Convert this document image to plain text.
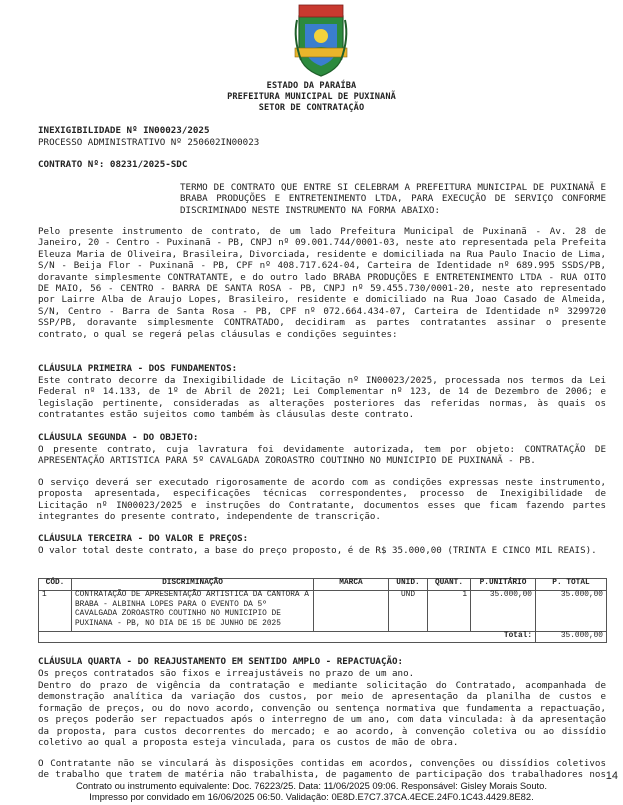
ESTADO DA PARAÍBA
PREFEITURA MUNICIPAL DE PUXINANÃ
SETOR DE CONTRATAÇÃO
INEXIGIBILIDADE Nº IN00023/2025
PROCESSO ADMINISTRATIVO Nº 250602IN00023
CONTRATO Nº: 08231/2025-SDC
TERMO DE CONTRATO QUE ENTRE SI CELEBRAM A PREFEITURA MUNICIPAL DE PUXINANÃ E BRABA PRODUÇÕES E ENTRETENIMENTO LTDA, PARA EXECUÇÃO DE SERVIÇO CONFORME DISCRIMINADO NESTE INSTRUMENTO NA FORMA ABAIXO:
Pelo presente instrumento de contrato, de um lado Prefeitura Municipal de Puxinanã - Av. 28 de Janeiro, 20 - Centro - Puxinanã - PB, CNPJ nº 09.001.744/0001-03, neste ato representada pela Prefeita Eleuza Maria de Oliveira, Brasileira, Divorciada, residente e domiciliada na Rua Paulo Inacio de Lima, S/N - Beija Flor - Puxinanã - PB, CPF nº 408.717.624-04, Carteira de Identidade nº 689.995 SSDS/PB, doravante simplesmente CONTRATANTE, e do outro lado BRABA PRODUÇÕES E ENTRETENIMENTO LTDA - RUA OITO DE MAIO, 56 - CENTRO - BARRA DE SANTA ROSA - PB, CNPJ nº 59.455.730/0001-20, neste ato representado por Lairre Alba de Araujo Lopes, Brasileiro, residente e domiciliado na Rua Joao Casado de Almeida, S/N, Centro - Barra de Santa Rosa - PB, CPF nº 072.664.434-07, Carteira de Identidade nº 3299720 SSP/PB, doravante simplesmente CONTRATADO, decidiram as partes contratantes assinar o presente contrato, o qual se regerá pelas cláusulas e condições seguintes:
CLÁUSULA PRIMEIRA - DOS FUNDAMENTOS:
Este contrato decorre da Inexigibilidade de Licitação nº IN00023/2025, processada nos termos da Lei Federal nº 14.133, de 1º de Abril de 2021; Lei Complementar nº 123, de 14 de Dezembro de 2006; e legislação pertinente, consideradas as alterações posteriores das referidas normas, às quais os contratantes estão sujeitos como também às cláusulas deste contrato.
CLÁUSULA SEGUNDA - DO OBJETO:
O presente contrato, cuja lavratura foi devidamente autorizada, tem por objeto: CONTRATAÇÃO DE APRESENTAÇÃO ARTISTICA PARA 5º CAVALGADA ZOROASTRO COUTINHO NO MUNICIPIO DE PUXINANÃ - PB.
O serviço deverá ser executado rigorosamente de acordo com as condições expressas neste instrumento, proposta apresentada, especificações técnicas correspondentes, processo de Inexigibilidade de Licitação nº IN00023/2025 e instruções do Contratante, documentos esses que ficam fazendo partes integrantes do presente contrato, independente de transcrição.
CLÁUSULA TERCEIRA - DO VALOR E PREÇOS:
O valor total deste contrato, a base do preço proposto, é de R$ 35.000,00 (TRINTA E CINCO MIL REAIS).
CÓD.	DISCRIMINAÇÃO	MARCA	UNID.	QUANT.	P.UNITÁRIO	P. TOTAL
1	CONTRATAÇÃO DE APRESENTAÇÃO ARTISTICA DA CANTORA A BRABA - ALBINHA LOPES PARA O EVENTO DA 5º CAVALGADA ZOROASTRO COUTINHO NO MUNICIPIO DE PUXINANA - PB, NO DIA DE 15 DE JUNHO DE 2025		UND	1	35.000,00	35.000,00
					Total:	35.000,00
CLÁUSULA QUARTA - DO REAJUSTAMENTO EM SENTIDO AMPLO - REPACTUAÇÃO:
Os preços contratados são fixos e irreajustáveis no prazo de um ano.
Dentro do prazo de vigência da contratação e mediante solicitação do Contratado, acompanhada de demonstração analítica da variação dos custos, por meio de apresentação da planilha de custos e formação de preços, ou do novo acordo, convenção ou sentença normativa que fundamenta a repactuação, os preços poderão ser repactuados após o interregno de um ano, com data vinculada: à da apresentação da proposta, para custos decorrentes do mercado; e ao acordo, à convenção coletiva ou ao dissídio coletivo ao qual a proposta esteja vinculada, para os custos de mão de obra.
O Contratante não se vinculará às disposições contidas em acordos, convenções ou dissídios coletivos de trabalho que tratem de matéria não trabalhista, de pagamento de participação dos trabalhadores nos
Contrato ou instrumento equivalente: Doc. 76223/25. Data: 11/06/2025 09:06. Responsável: Gisley Morais Souto.
Impresso por convidado em 16/06/2025 06:50. Validação: 0E8D.E7C7.37CA.4ECE.24F0.1C43.4429.8E82.
14
